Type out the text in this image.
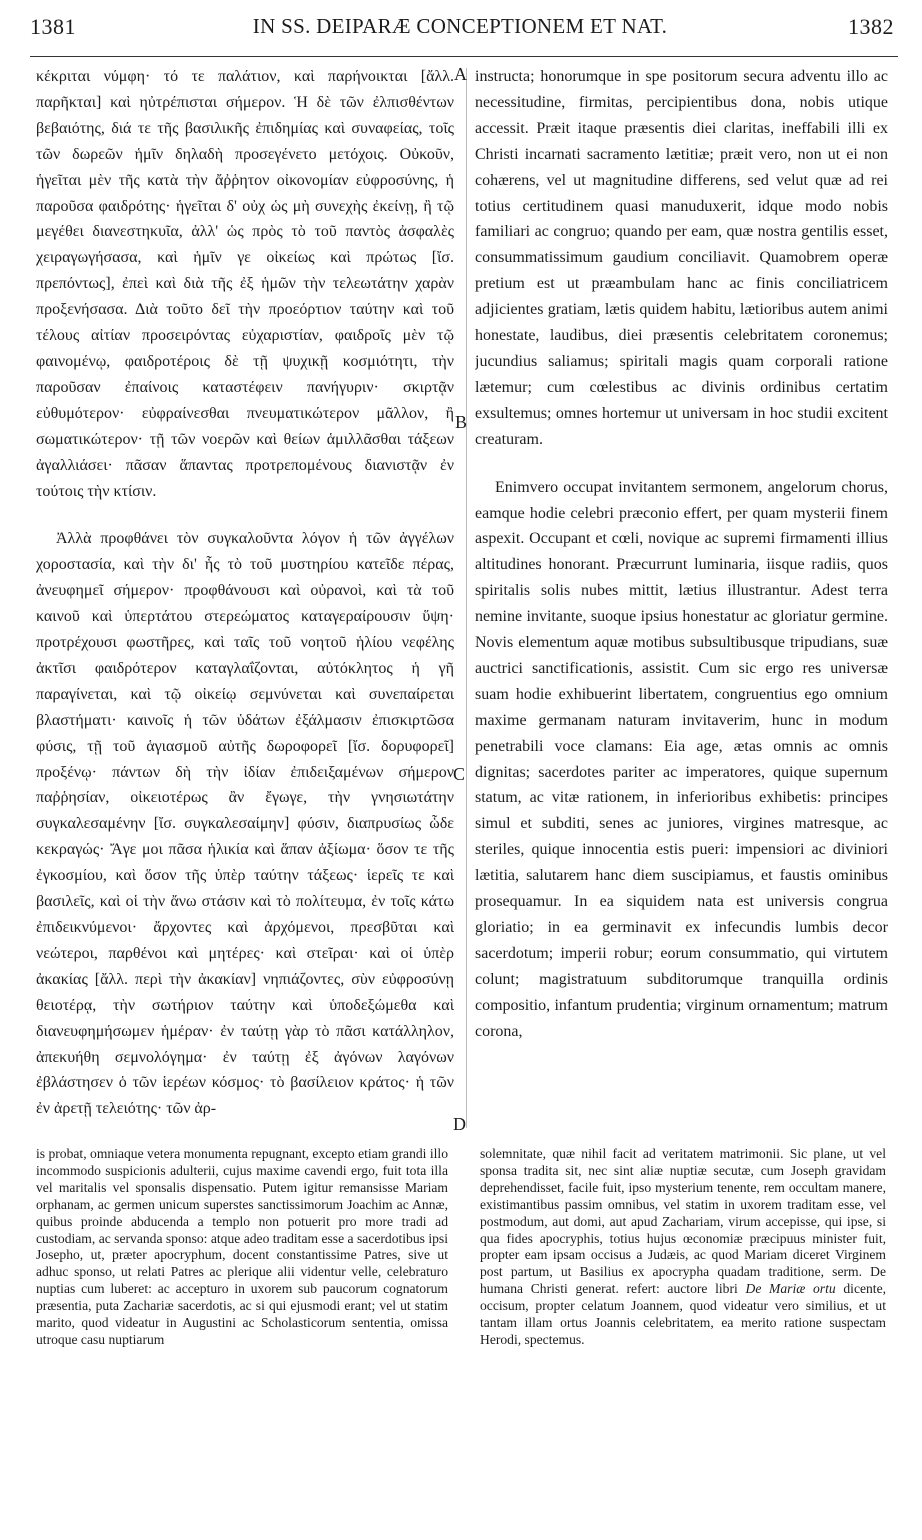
1381	IN SS. DEIPARÆ CONCEPTIONEM ET NAT.	1382

κέκριται νύμφη· τό τε παλάτιον, καὶ παρήνοικται [ἄλλ. παρῆκται] καὶ ηὐτρέπισται σήμερον. Ἡ δὲ τῶν ἐλπισθέντων βεβαιότης, διά τε τῆς βασιλικῆς ἐπιδημίας καὶ συναφείας, τοῖς τῶν δωρεῶν ἡμῖν δηλαδὴ προσεγένετο μετόχοις. Οὐκοῦν, ἡγεῖται μὲν τῆς κατὰ τὴν ἄῤῥητον οἰκονομίαν εὐφροσύνης, ἡ παροῦσα φαιδρότης· ἡγεῖται δ' οὐχ ὡς μὴ συνεχὴς ἐκείνῃ, ἢ τῷ μεγέθει διανεστηκυῖα, ἀλλ' ὡς πρὸς τὸ τοῦ παντὸς ἀσφαλὲς χειραγωγήσασα, καὶ ἡμῖν γε οἰκείως καὶ πρώτως [ἴσ. πρεπόντως], ἐπεὶ καὶ διὰ τῆς ἐξ ἡμῶν τὴν τελεωτάτην χαρὰν προξενήσασα. Διὰ τοῦτο δεῖ τὴν προεόρτιον ταύτην καὶ τοῦ τέλους αἰτίαν προσειρόντας εὐχαριστίαν, φαιδροῖς μὲν τῷ φαινομένῳ, φαιδροτέροις δὲ τῇ ψυχικῇ κοσμιότητι, τὴν παροῦσαν ἐπαίνοις καταστέφειν πανήγυριν· σκιρτᾷν εὐθυμότερον· εὐφραίνεσθαι πνευματικώτερον μᾶλλον, ἢ σωματικώτερον· τῇ τῶν νοερῶν καὶ θείων ἁμιλλᾶσθαι τάξεων ἀγαλλιάσει· πᾶσαν ἅπαντας προτρεπομένους διανιστᾷν ἐν τούτοις τὴν κτίσιν.

Ἀλλὰ προφθάνει τὸν συγκαλοῦντα λόγον ἡ τῶν ἀγγέλων χοροστασία, καὶ τὴν δι' ἧς τὸ τοῦ μυστηρίου κατεῖδε πέρας, ἀνευφημεῖ σήμερον· προφθάνουσι καὶ οὐρανοὶ, καὶ τὰ τοῦ καινοῦ καὶ ὑπερτάτου στερεώματος καταγεραίρουσιν ὕψη· προτρέχουσι φωστῆρες, καὶ ταῖς τοῦ νοητοῦ ἡλίου νεφέλης ἀκτῖσι φαιδρότερον καταγλαΐζονται, αὐτόκλητος ἡ γῆ παραγίνεται, καὶ τῷ οἰκείῳ σεμνύνεται καὶ συνεπαίρεται βλαστήματι· καινοῖς ἡ τῶν ὑδάτων ἐξάλμασιν ἐπισκιρτῶσα φύσις, τῇ τοῦ ἁγιασμοῦ αὐτῆς δωροφορεῖ [ἴσ. δορυφορεῖ] προξένῳ· πάντων δὴ τὴν ἰδίαν ἐπιδειξαμένων σήμερον παῤῥησίαν, οἰκειοτέρως ἂν ἔγωγε, τὴν γνησιωτάτην συγκαλεσαμένην [ἴσ. συγκαλεσαίμην] φύσιν, διαπρυσίως ὧδε κεκραγώς· Ἄγε μοι πᾶσα ἡλικία καὶ ἅπαν ἀξίωμα· ὅσον τε τῆς ἐγκοσμίου, καὶ ὅσον τῆς ὑπὲρ ταύτην τάξεως· ἱερεῖς τε καὶ βασιλεῖς, καὶ οἱ τὴν ἄνω στάσιν καὶ τὸ πολίτευμα, ἐν τοῖς κάτω ἐπιδεικνύμενοι· ἄρχοντες καὶ ἀρχόμενοι, πρεσβῦται καὶ νεώτεροι, παρθένοι καὶ μητέρες· καὶ στεῖραι· καὶ οἱ ὑπὲρ ἀκακίας [ἄλλ. περὶ τὴν ἀκακίαν] νηπιάζοντες, σὺν εὐφροσύνῃ θειοτέρᾳ, τὴν σωτήριον ταύτην καὶ ὑποδεξώμεθα καὶ διανευφημήσωμεν ἡμέραν· ἐν ταύτῃ γὰρ τὸ πᾶσι κατάλληλον, ἀπεκυήθη σεμνολόγημα· ἐν ταύτῃ ἐξ ἀγόνων λαγόνων ἐβλάστησεν ὁ τῶν ἱερέων κόσμος· τὸ βασίλειον κράτος· ἡ τῶν ἐν ἀρετῇ τελειότης· τῶν ἀρ-

A
B
C
D

instructa; honorumque in spe positorum secura adventu illo ac necessitudine, firmitas, percipientibus dona, nobis utique accessit. Præit itaque præsentis diei claritas, ineffabili illi ex Christi incarnati sacramento lætitiæ; præit vero, non ut ei non cohærens, vel ut magnitudine differens, sed velut quæ ad rei totius certitudinem quasi manuduxerit, idque modo nobis familiari ac congruo; quando per eam, quæ nostra gentilis esset, consummatissimum gaudium conciliavit. Quamobrem operæ pretium est ut præambulam hanc ac finis conciliatricem adjicientes gratiam, lætis quidem habitu, lætioribus autem animi honestate, laudibus, diei præsentis celebritatem coronemus; jucundius saliamus; spiritali magis quam corporali ratione lætemur; cum cœlestibus ac divinis ordinibus certatim exsultemus; omnes hortemur ut universam in hoc studii excitent creaturam.

Enimvero occupat invitantem sermonem, angelorum chorus, eamque hodie celebri præconio effert, per quam mysterii finem aspexit. Occupant et cœli, novique ac supremi firmamenti illius altitudines honorant. Præcurrunt luminaria, iisque radiis, quos spiritalis solis nubes mittit, lætius illustrantur. Adest terra nemine invitante, suoque ipsius honestatur ac gloriatur germine. Novis elementum aquæ motibus subsultibusque tripudians, suæ auctrici sanctificationis, assistit. Cum sic ergo res universæ suam hodie exhibuerint libertatem, congruentius ego omnium maxime germanam naturam invitaverim, hunc in modum penetrabili voce clamans: Eia age, ætas omnis ac omnis dignitas; sacerdotes pariter ac imperatores, quique supernum statum, ac vitæ rationem, in inferioribus exhibetis: principes simul et subditi, senes ac juniores, virgines matresque, ac steriles, quique innocentia estis pueri: impensiori ac diviniori lætitia, salutarem hanc diem suscipiamus, et faustis ominibus prosequamur. In ea siquidem nata est universis congrua gloriatio; in ea germinavit ex infecundis lumbis decor sacerdotum; imperii robur; eorum consummatio, qui virtutem colunt; magistratuum subditorumque tranquilla ordinis compositio, infantum prudentia; virginum ornamentum; matrum corona,

is probat, omniaque vetera monumenta repugnant, excepto etiam grandi illo incommodo suspicionis adulterii, cujus maxime cavendi ergo, fuit tota illa vel maritalis vel sponsalis dispensatio. Putem igitur remansisse Mariam orphanam, ac germen unicum superstes sanctissimorum Joachim ac Annæ, quibus proinde abducenda a templo non potuerit pro more tradi ad custodiam, ac servanda sponso: atque adeo traditam esse a sacerdotibus ipsi Josepho, ut, præter apocryphum, docent constantissime Patres, sive ut adhuc sponso, ut relati Patres ac plerique alii videntur velle, celebraturo nuptias cum luberet: ac accepturo in uxorem sub paucorum cognatorum præsentia, puta Zachariæ sacerdotis, ac si qui ejusmodi erant; vel ut statim marito, quod videatur in Augustini ac Scholasticorum sententia, omissa utroque casu nuptiarum

solemnitate, quæ nihil facit ad veritatem matrimonii. Sic plane, ut vel sponsa tradita sit, nec sint aliæ nuptiæ secutæ, cum Joseph gravidam deprehendisset, facile fuit, ipso mysterium tenente, rem occultam manere, existimantibus passim omnibus, vel statim in uxorem traditam esse, vel postmodum, aut domi, aut apud Zachariam, virum accepisse, qui ipse, si qua fides apocryphis, totius hujus œconomiæ præcipuus minister fuit, propter eam ipsam occisus a Judæis, ac quod Mariam diceret Virginem post partum, ut Basilius ex apocrypha quadam traditione, serm. De humana Christi generat. refert: auctore libri De Mariæ ortu dicente, occisum, propter celatum Joannem, quod videatur vero similius, et ut tantam illam ortus Joannis celebritatem, ea merito ratione suspectam Herodi, spectemus.
